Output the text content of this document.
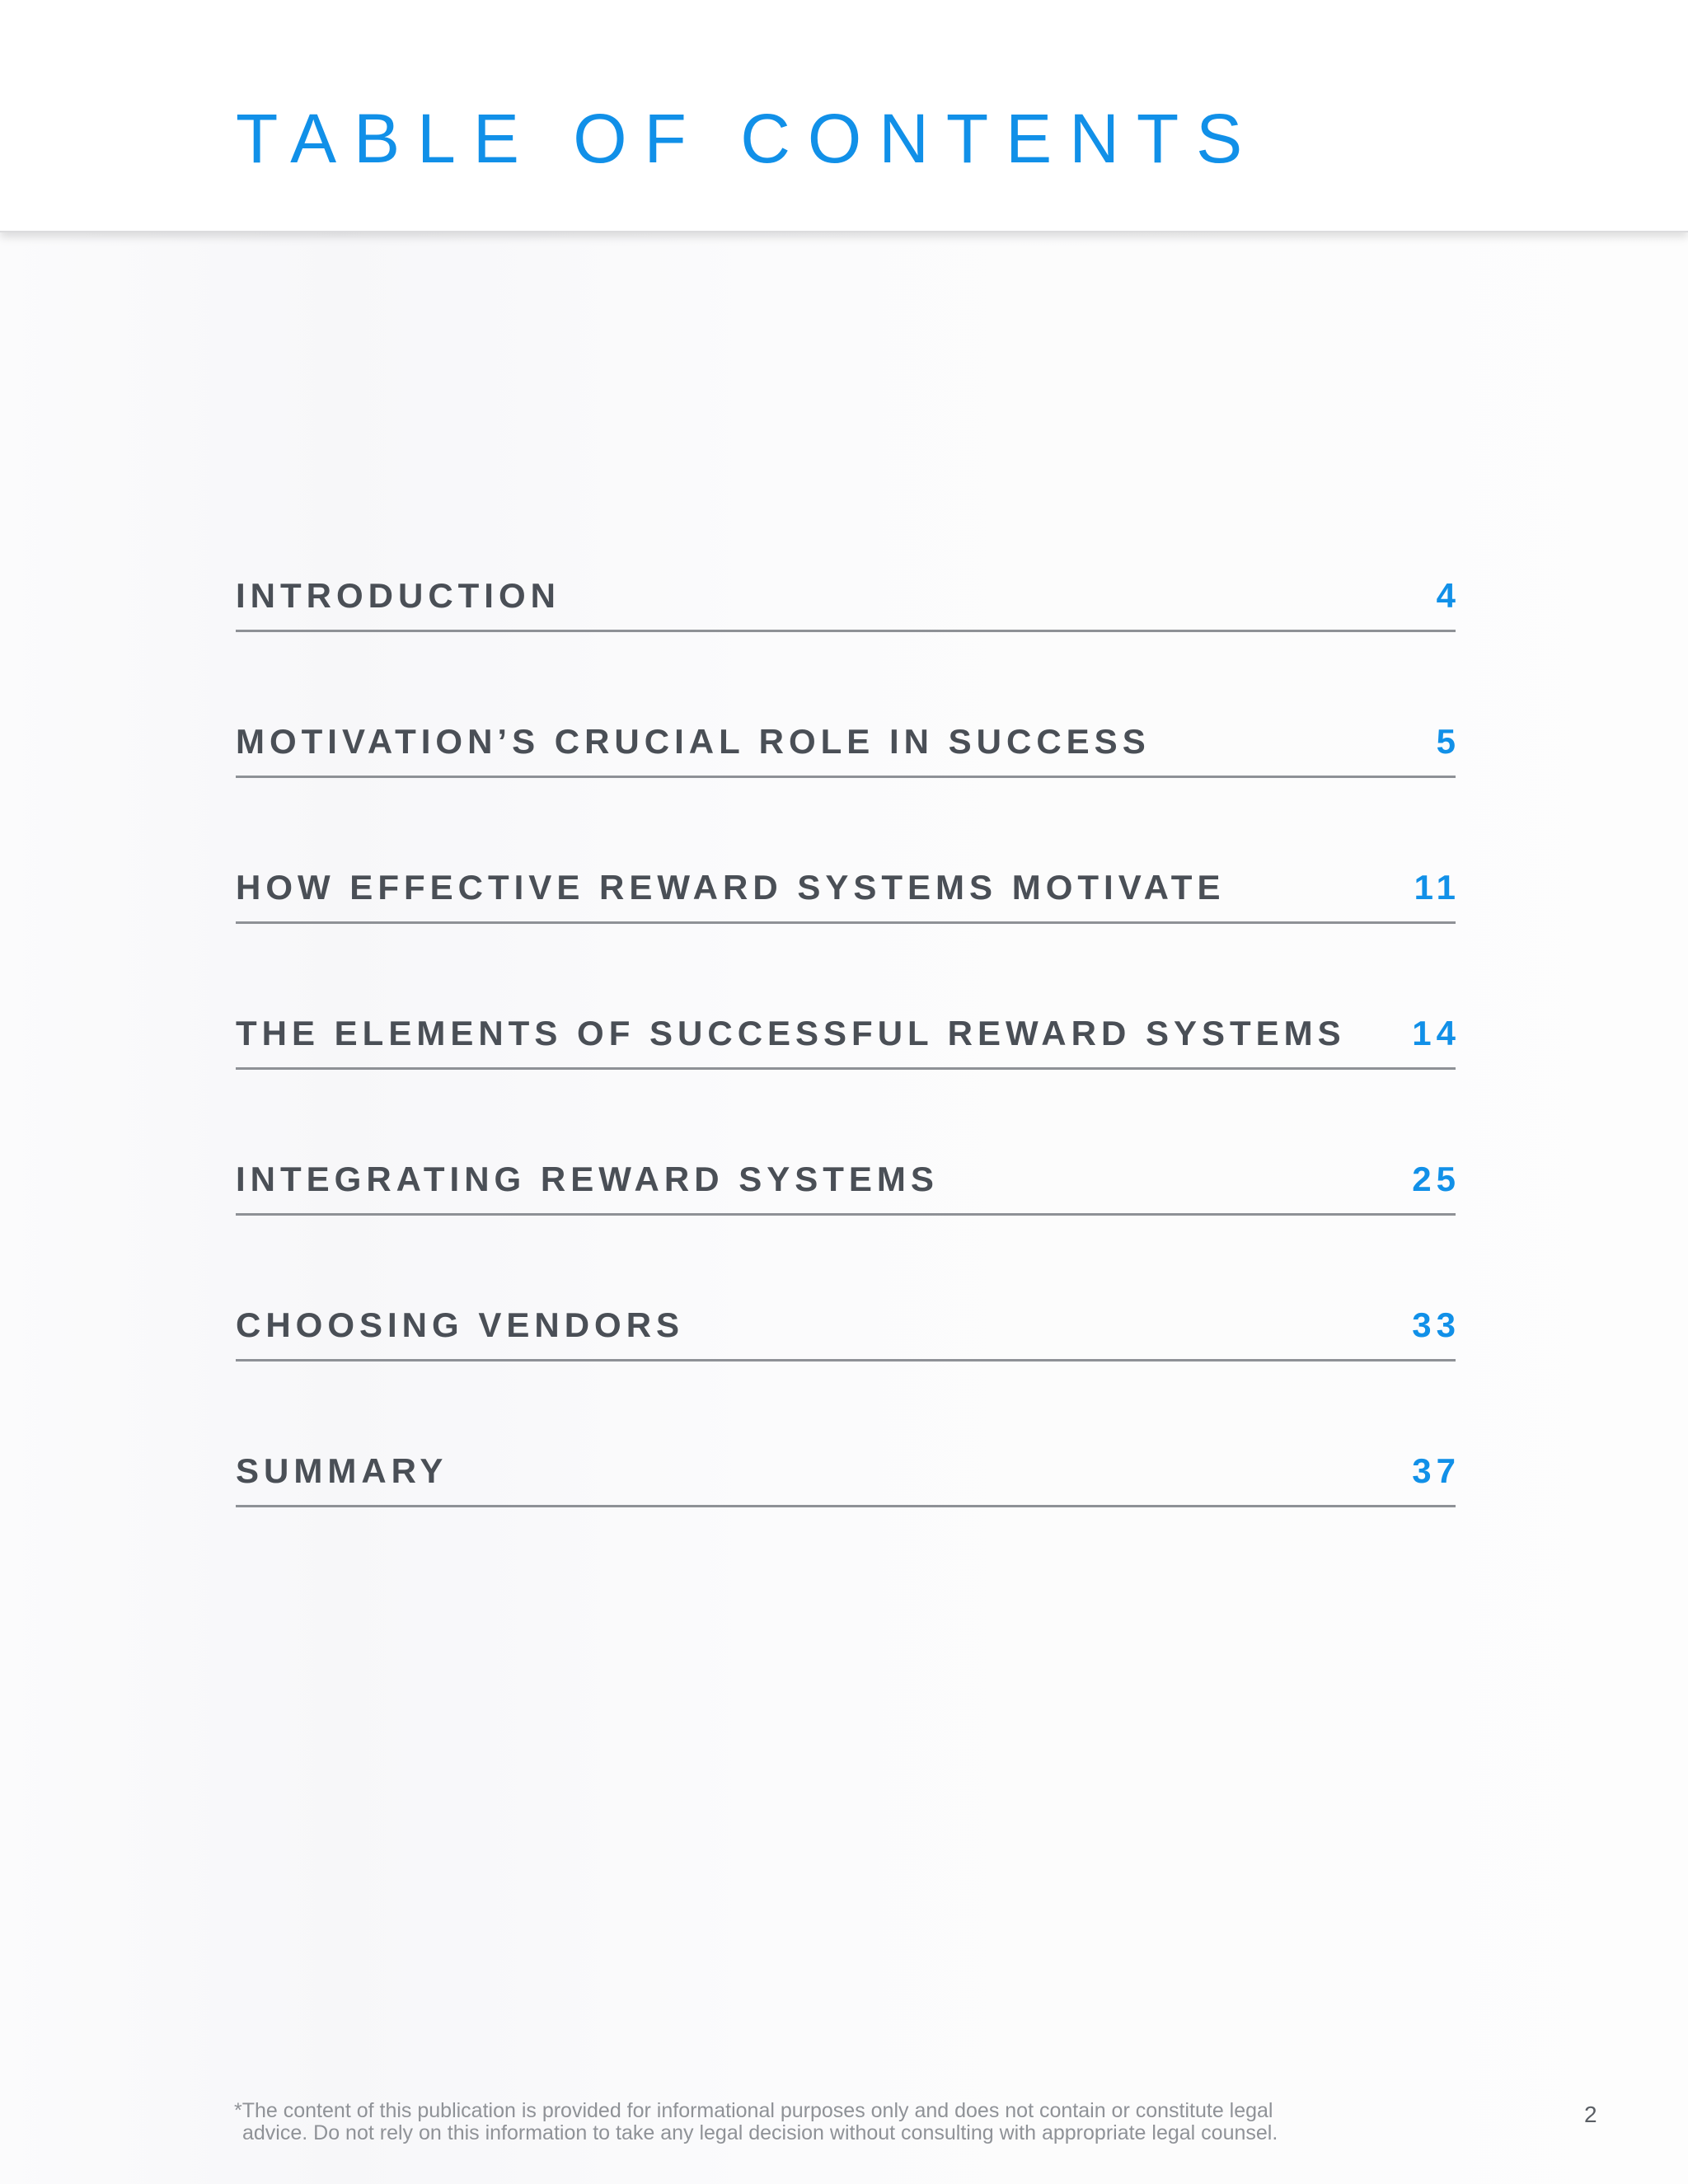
TABLE OF CONTENTS
INTRODUCTION	4
MOTIVATION’S CRUCIAL ROLE IN SUCCESS	5
HOW EFFECTIVE REWARD SYSTEMS MOTIVATE	11
THE ELEMENTS OF SUCCESSFUL REWARD SYSTEMS 14
INTEGRATING REWARD SYSTEMS	25
CHOOSING VENDORS	33
SUMMARY	37

*The content of this publication is provided for informational purposes only and does not contain or constitute legal
advice. Do not rely on this information to take any legal decision without consulting with appropriate legal counsel.

2
